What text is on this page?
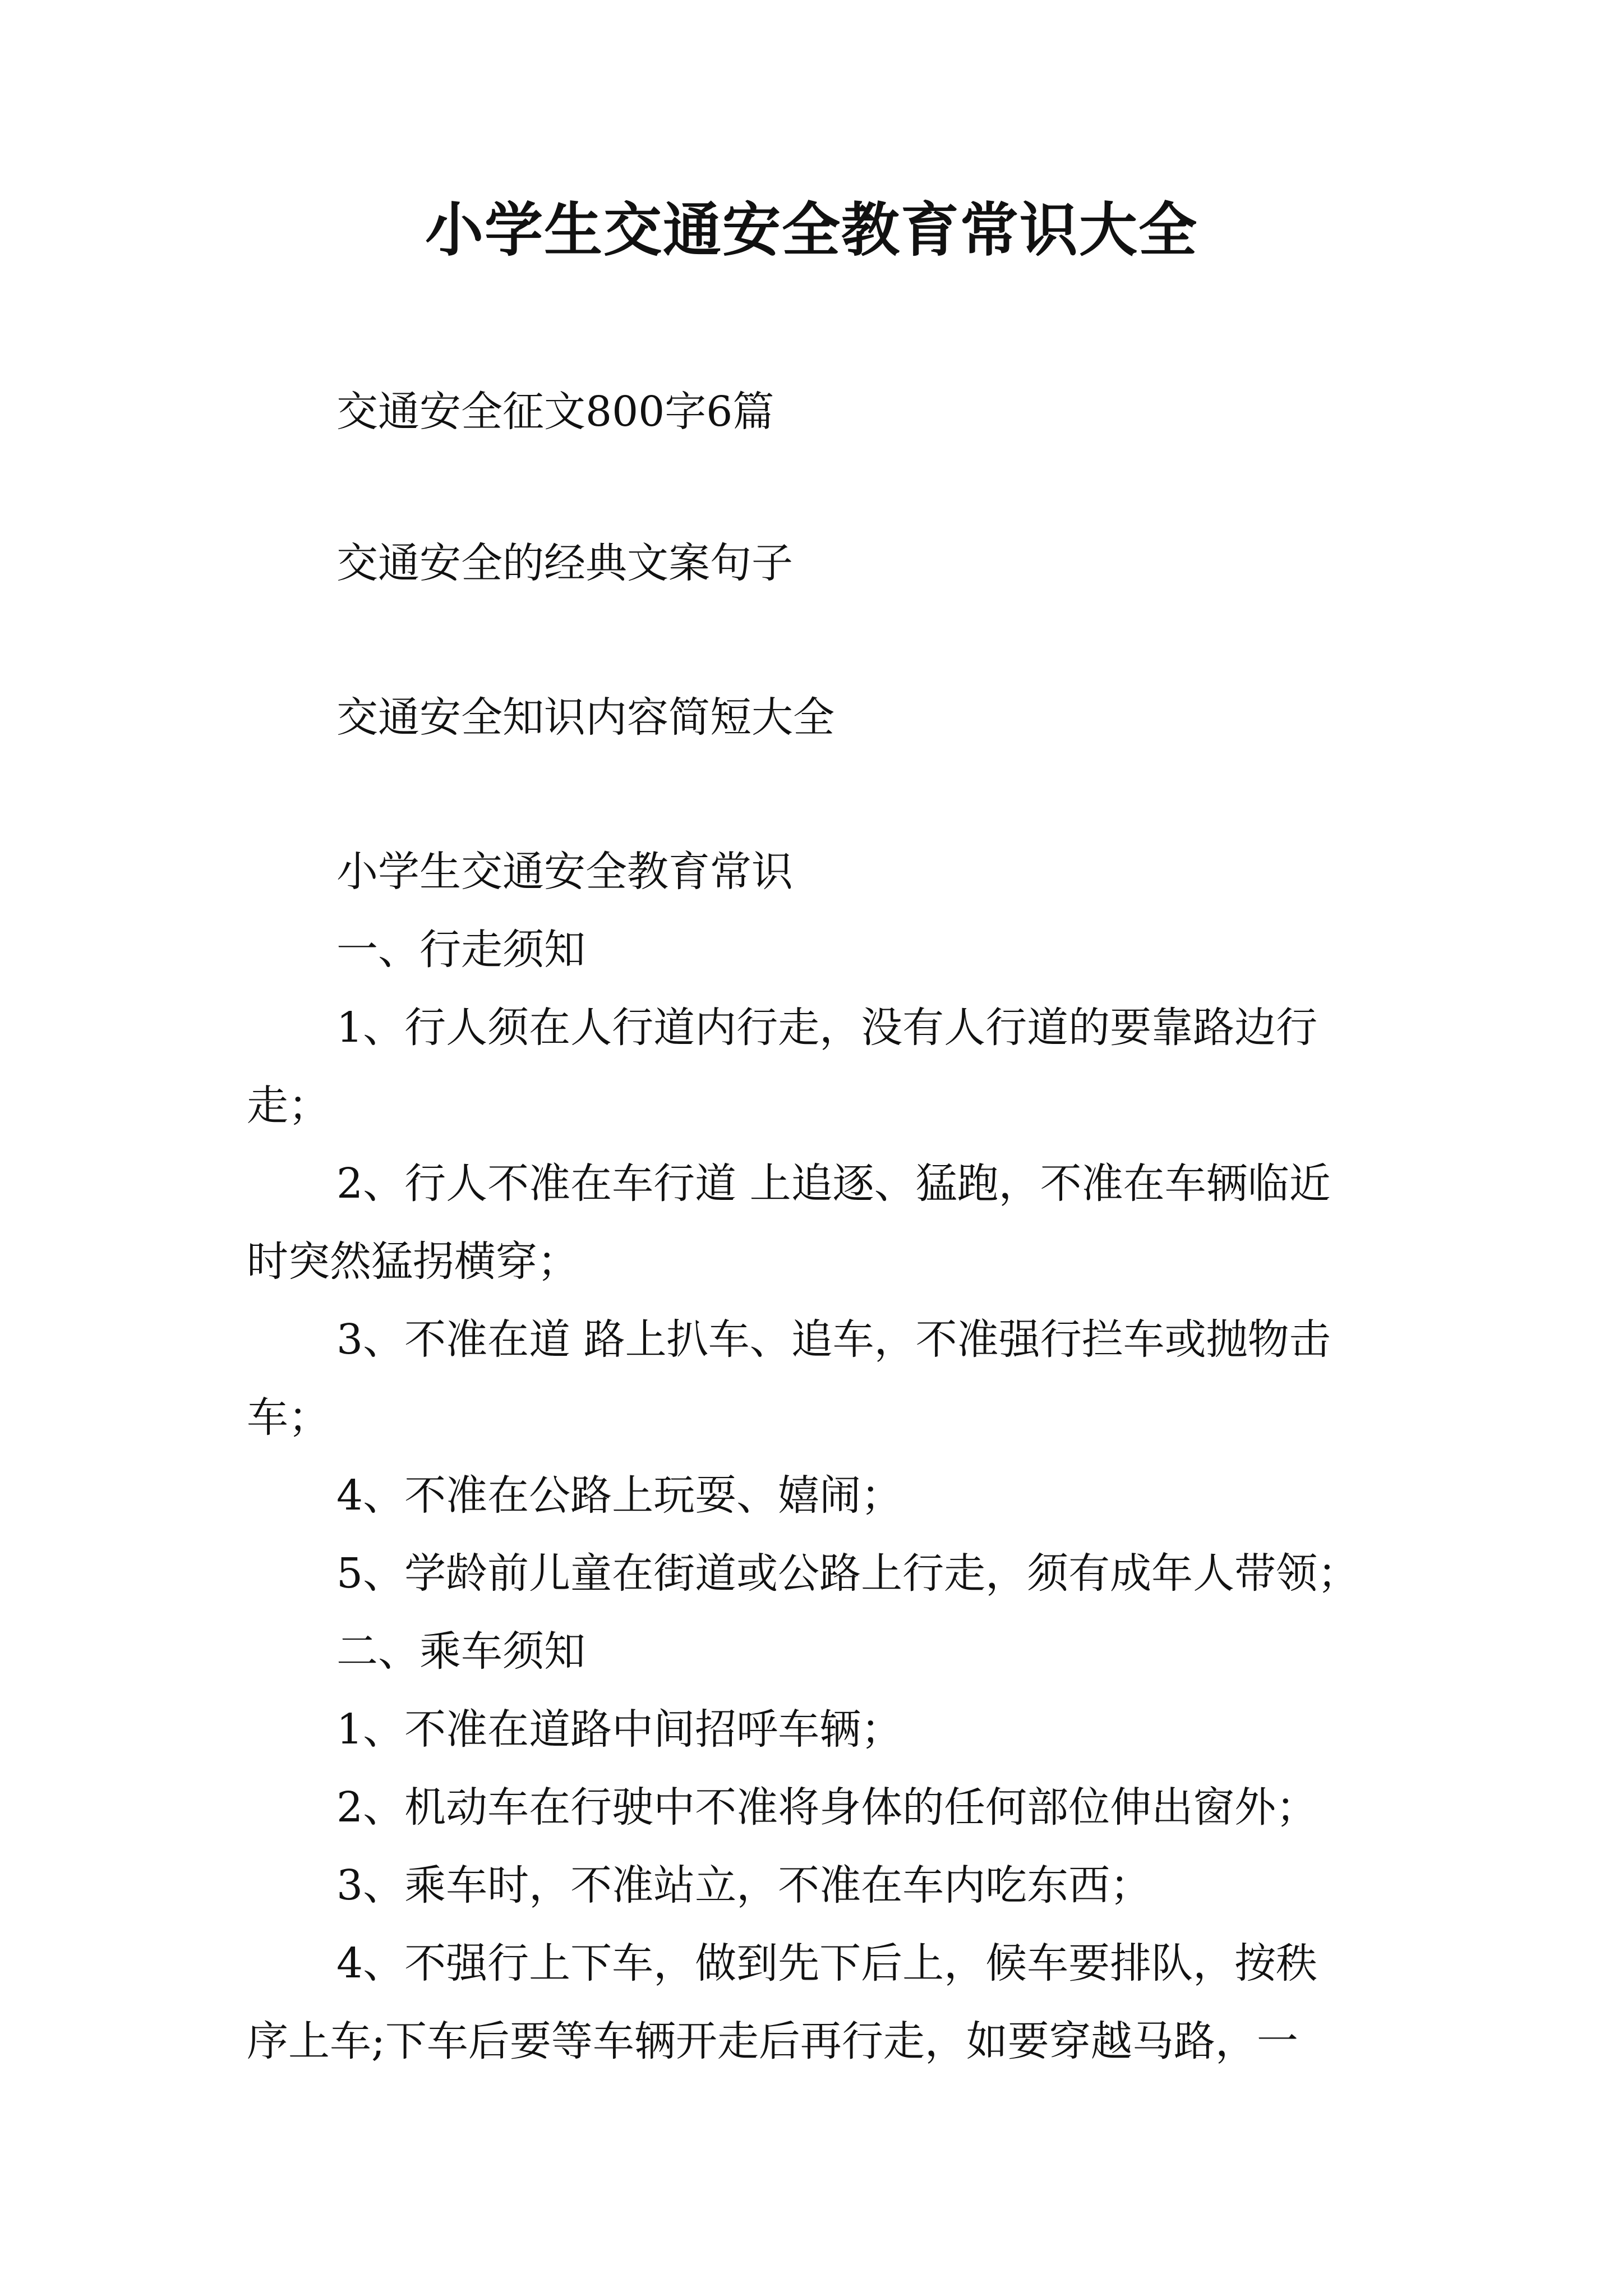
小学生交通安全教育常识大全

交通安全征文800字6篇

交通安全的经典文案句子

交通安全知识内容简短大全

小学生交通安全教育常识

一、行走须知

1、行人须在人行道内行走，没有人行道的要靠路边行
走；

2、行人不准在车行道 上追逐、猛跑，不准在车辆临近
时突然猛拐横穿；

3、不准在道 路上扒车、追车，不准强行拦车或抛物击
车；

4、不准在公路上玩耍、嬉闹；

5、学龄前儿童在街道或公路上行走，须有成年人带领；

二、乘车须知

1、不准在道路中间招呼车辆；

2、机动车在行驶中不准将身体的任何部位伸出窗外；

3、乘车时，不准站立，不准在车内吃东西；

4、不强行上下车，做到先下后上，候车要排队，按秩
序上车;下车后要等车辆开走后再行走，如要穿越马路，一
